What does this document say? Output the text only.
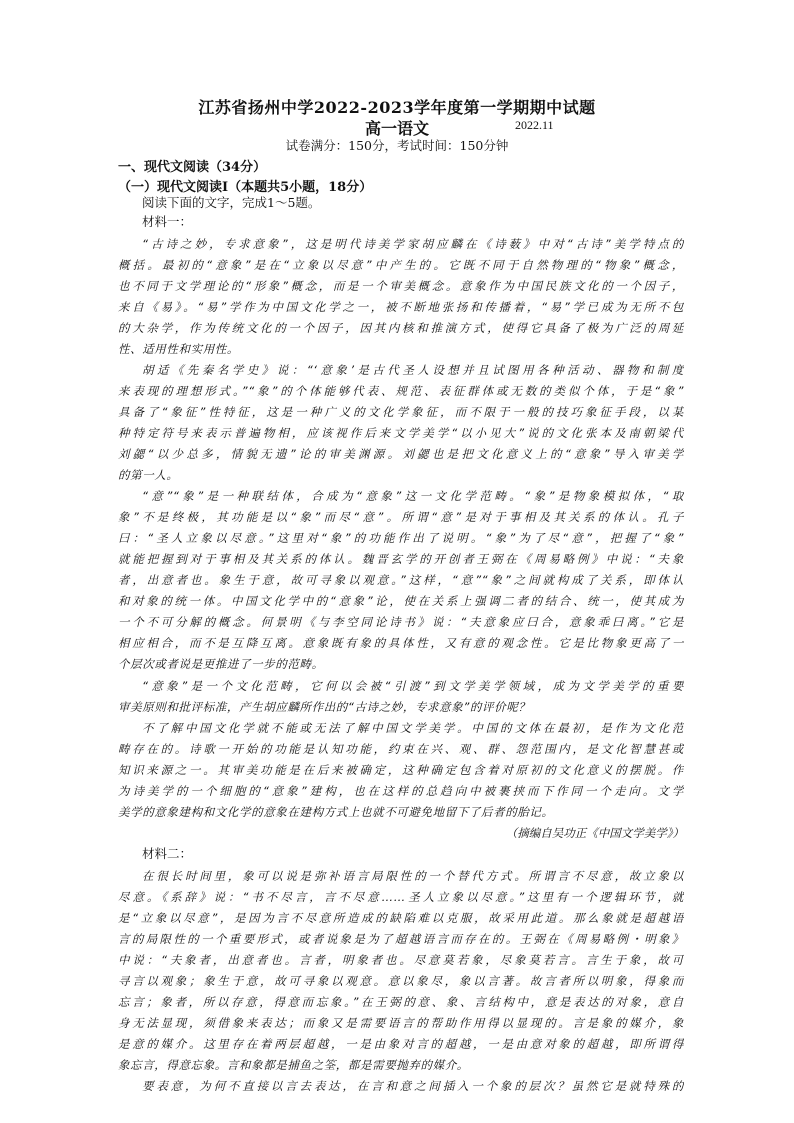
江苏省扬州中学2022-2023学年度第一学期期中试题
高一语文	2022.11
试卷满分：150分，考试时间：150分钟
一、现代文阅读（34分）
（一）现代文阅读Ⅰ（本题共5小题，18分）
阅读下面的文字，完成1～5题。
材料一：
“古诗之妙，专求意象”，这是明代诗美学家胡应麟在《诗薮》中对“古诗”美学特点的
概括。最初的“意象”是在“立象以尽意”中产生的。它既不同于自然物理的“物象”概念，
也不同于文学理论的“形象”概念，而是一个审美概念。意象作为中国民族文化的一个因子，
来自《易》。“易”学作为中国文化学之一，被不断地张扬和传播着，“易”学已成为无所不包
的大杂学，作为传统文化的一个因子，因其内核和推演方式，使得它具备了极为广泛的周延
性、适用性和实用性。
胡适《先秦名学史》说：“‘意象’是古代圣人设想并且试图用各种活动、器物和制度
来表现的理想形式。”“象”的个体能够代表、规范、表征群体或无数的类似个体，于是“象”
具备了“象征”性特征，这是一种广义的文化学象征，而不限于一般的技巧象征手段，以某
种特定符号来表示普遍物相，应该视作后来文学美学“以小见大”说的文化张本及南朝梁代
刘勰“以少总多，情貌无遗”论的审美渊源。刘勰也是把文化意义上的“意象”导入审美学
的第一人。
“意”“象”是一种联结体，合成为“意象”这一文化学范畴。“象”是物象模拟体，“取
象”不是终极，其功能是以“象”而尽“意”。所谓“意”是对于事相及其关系的体认。孔子
曰：“圣人立象以尽意。”这里对“象”的功能作出了说明。“象”为了尽“意”，把握了“象”
就能把握到对于事相及其关系的体认。魏晋玄学的开创者王弼在《周易略例》中说：“夫象
者，出意者也。象生于意，故可寻象以观意。”这样，“意”“象”之间就构成了关系，即体认
和对象的统一体。中国文化学中的“意象”论，使在关系上强调二者的结合、统一，使其成为
一个不可分解的概念。何景明《与李空同论诗书》说：“夫意象应曰合，意象乖曰离。”它是
相应相合，而不是互降互离。意象既有象的具体性，又有意的观念性。它是比物象更高了一
个层次或者说是更推进了一步的范畴。
“意象”是一个文化范畴，它何以会被“引渡”到文学美学领域，成为文学美学的重要
审美原则和批评标准，产生胡应麟所作出的“古诗之妙，专求意象”的评价呢？
不了解中国文化学就不能或无法了解中国文学美学。中国的文体在最初，是作为文化范
畴存在的。诗歌一开始的功能是认知功能，约束在兴、观、群、怨范围内，是文化智慧甚或
知识来源之一。其审美功能是在后来被确定，这种确定包含着对原初的文化意义的摆脱。作
为诗美学的一个细胞的“意象”建构，也在这样的总趋向中被裹挟而下作同一个走向。文学
美学的意象建构和文化学的意象在建构方式上也就不可避免地留下了后者的胎记。
（摘编自吴功正《中国文学美学》）
材料二：
在很长时间里，象可以说是弥补语言局限性的一个替代方式。所谓言不尽意，故立象以
尽意。《系辞》说：“书不尽言，言不尽意……圣人立象以尽意。”这里有一个逻辑环节，就
是“立象以尽意”，是因为言不尽意所造成的缺陷难以克服，故采用此道。那么象就是超越语
言的局限性的一个重要形式，或者说象是为了超越语言而存在的。王弼在《周易略例・明象》
中说：“夫象者，出意者也。言者，明象者也。尽意莫若象，尽象莫若言。言生于象，故可
寻言以观象；象生于意，故可寻象以观意。意以象尽，象以言著。故言者所以明象，得象而
忘言；象者，所以存意，得意而忘象。”在王弼的意、象、言结构中，意是表达的对象，意自
身无法显现，须借象来表达；而象又是需要语言的帮助作用得以显现的。言是象的媒介，象
是意的媒介。这里存在着两层超越，一是由象对言的超越，一是由意对象的超越，即所谓得
象忘言，得意忘象。言和象都是捕鱼之筌，都是需要抛弃的媒介。
要表意，为何不直接以言去表达，在言和意之间插入一个象的层次？虽然它是就特殊的
